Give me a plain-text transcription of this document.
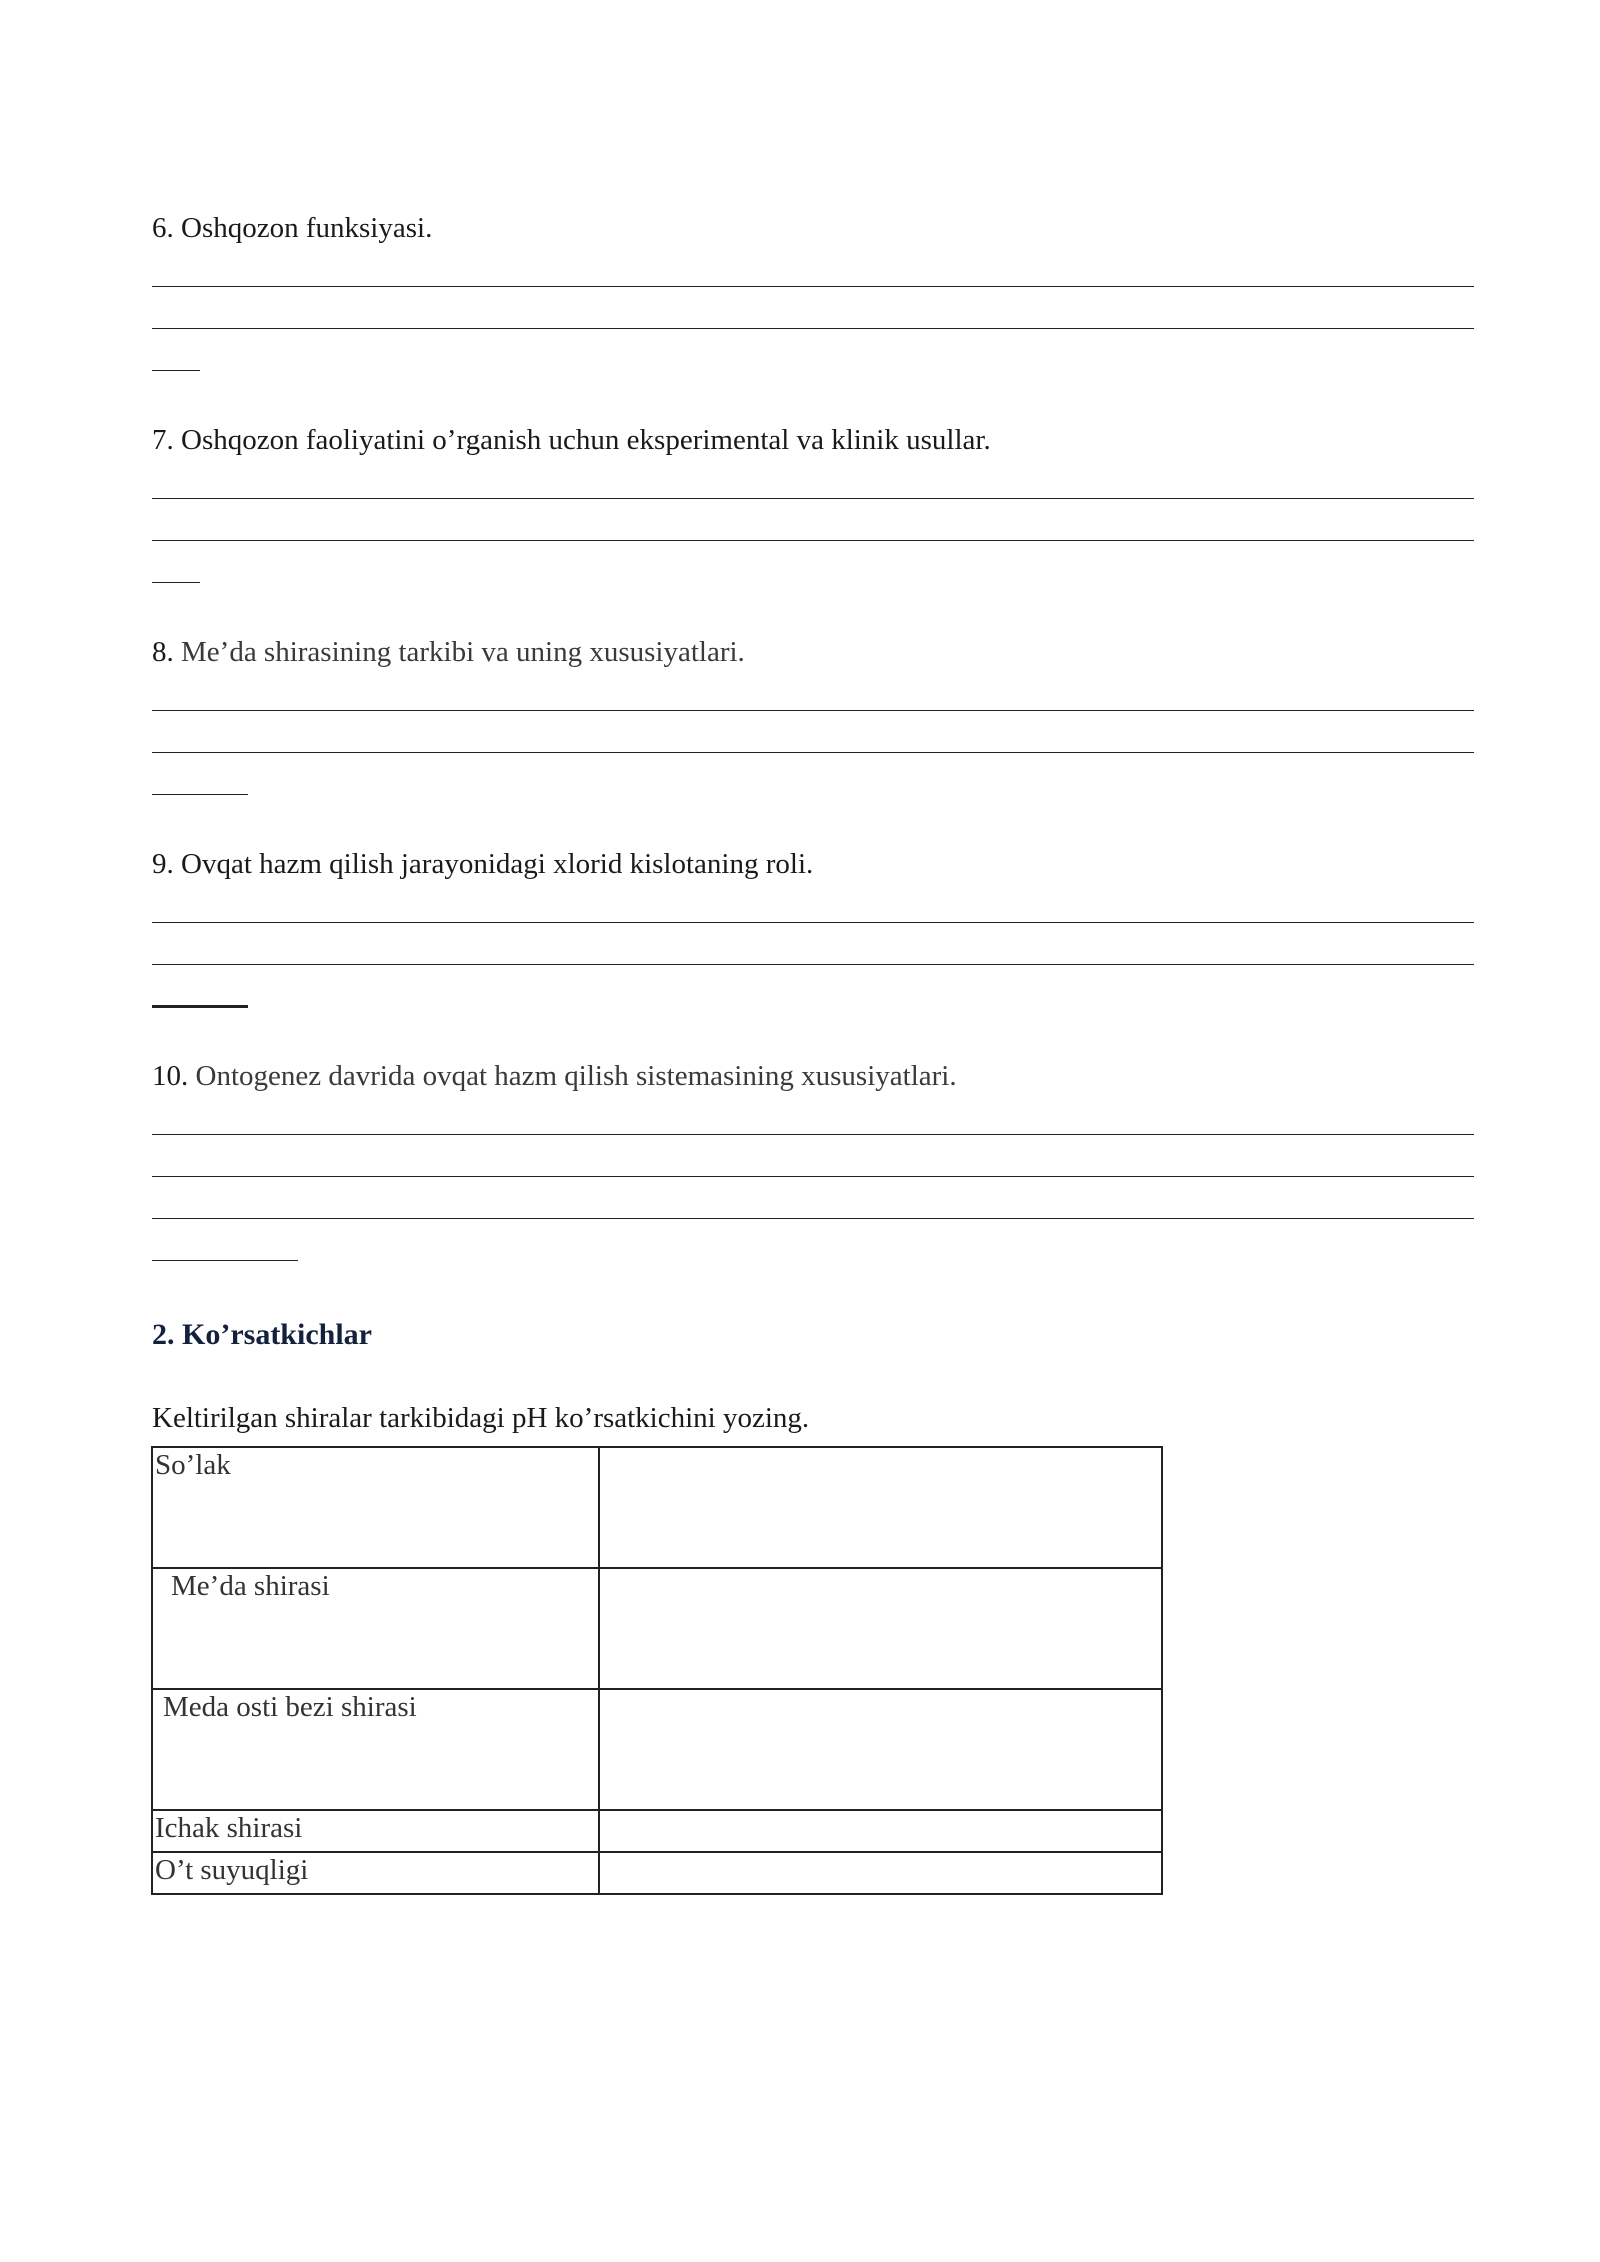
6. Oshqozon funksiyasi.
7. Oshqozon faoliyatini o’rganish uchun eksperimental va klinik usullar.
8. Me’da shirasining tarkibi va uning xususiyatlari.
9. Ovqat hazm qilish jarayonidagi xlorid kislotaning roli.
10. Ontogenez davrida ovqat hazm qilish sistemasining xususiyatlari.
2. Ko’rsatkichlar
Keltirilgan shiralar tarkibidagi pH ko’rsatkichini yozing.
So’lak	
Me’da shirasi	
Meda osti bezi shirasi	
Ichak shirasi	
O’t suyuqligi	
